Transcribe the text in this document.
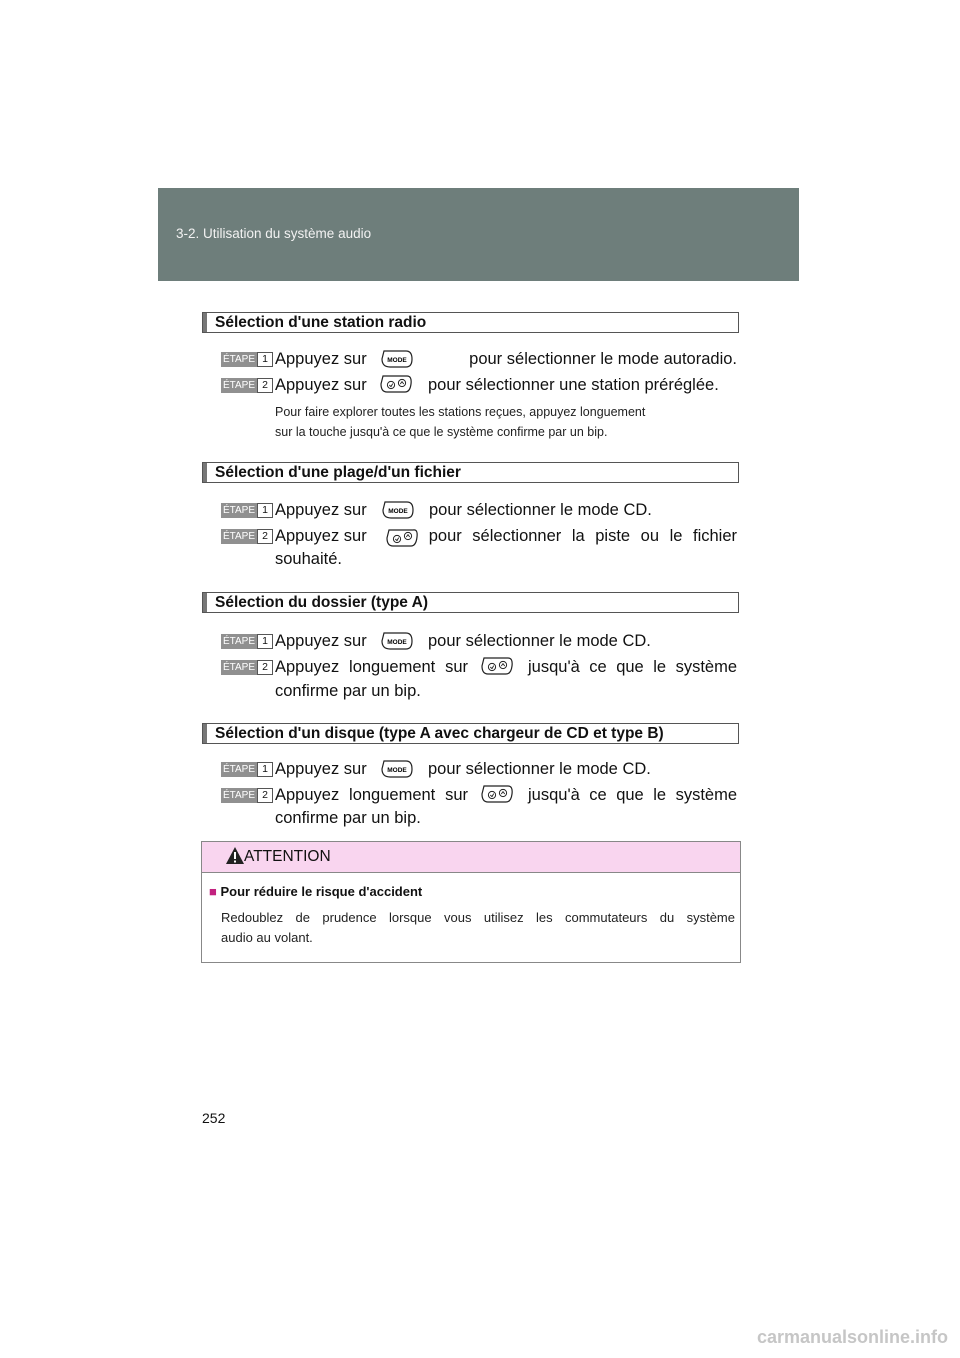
3-2. Utilisation du système audio
Sélection d'une station radio
ÉTAPE 1 Appuyez sur	pour sélectionner le mode autoradio.
MODE
ÉTAPE 2 Appuyez sur	pour sélectionner une station préréglée.
Pour faire explorer toutes les stations reçues, appuyez longuement
sur la touche jusqu'à ce que le système confirme par un bip.
Sélection d'une plage/d'un fichier
ÉTAPE 1 Appuyez sur	pour sélectionner le mode CD.
MODE
ÉTAPE 2 Appuyez sur	pour sélectionner la piste ou le fichier
souhaité.
Sélection du dossier (type A)
ÉTAPE 1 Appuyez sur	pour sélectionner le mode CD.
MODE
ÉTAPE 2 Appuyez longuement sur	jusqu'à ce que le système
confirme par un bip.
Sélection d'un disque (type A avec chargeur de CD et type B)
ÉTAPE 1 Appuyez sur	pour sélectionner le mode CD.
MODE
ÉTAPE 2 Appuyez longuement sur	jusqu'à ce que le système
confirme par un bip.
ATTENTION
■ Pour réduire le risque d'accident
Redoublez de prudence lorsque vous utilisez les commutateurs du système
audio au volant.
252
carmanualsonline.info
